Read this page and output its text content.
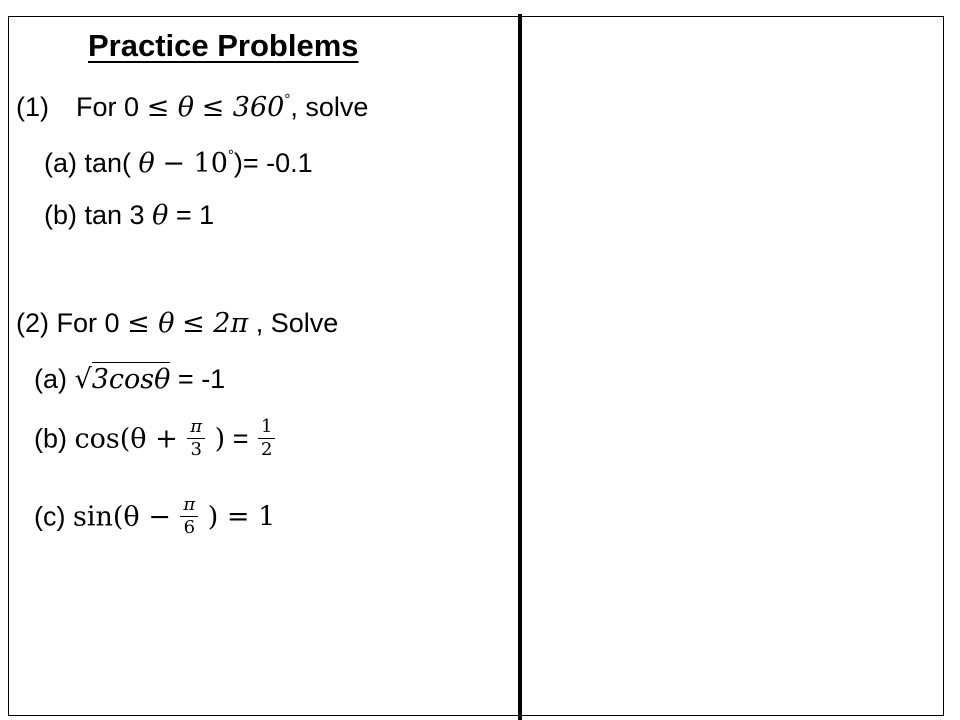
Practice Problems
(1) For 0 ≤ θ ≤ 360°, solve
(a) tan( θ − 10°)= -0.1
(b) tan 3 θ = 1
(2) For 0 ≤ θ ≤ 2π , Solve
(a) √3cosθ = -1
(b) $\cos(\theta + \frac{\pi}{3}$ ) = $\frac{1}{2}$
(c) $\sin(\theta - \frac{\pi}{6}$ ) = 1
